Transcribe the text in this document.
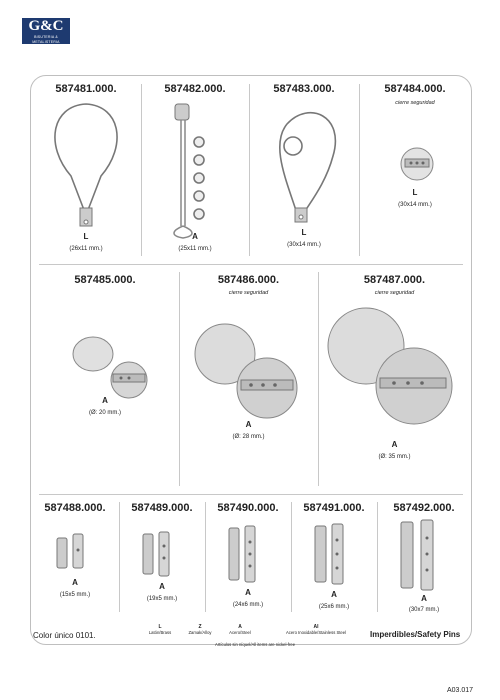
G&C
BISUTERIA & METALISTERIA
587481.000.
L
(26x11 mm.)
587482.000.
A
(25x11 mm.)
587483.000.
L
(30x14 mm.)
587484.000.
cierre seguridad
L
(30x14 mm.)
587485.000.
A
(Ø: 20 mm.)
587486.000.
cierre seguridad
A
(Ø: 28 mm.)
587487.000.
cierre seguridad
A
(Ø: 35 mm.)
587488.000.
A
(15x5 mm.)
587489.000.
A
(19x5 mm.)
587490.000.
A
(24x6 mm.)
587491.000.
A
(25x6 mm.)
587492.000.
A
(30x7 mm.)
Color único 0101.
L
Latón/Brass
Z
Zamak/Alloy
A
Acero/Steel
AI
Acero Inoxidable/Stainless Steel
Artículos sin níquel/All items are nickel-free
Imperdibles/Safety Pins
A03.017
